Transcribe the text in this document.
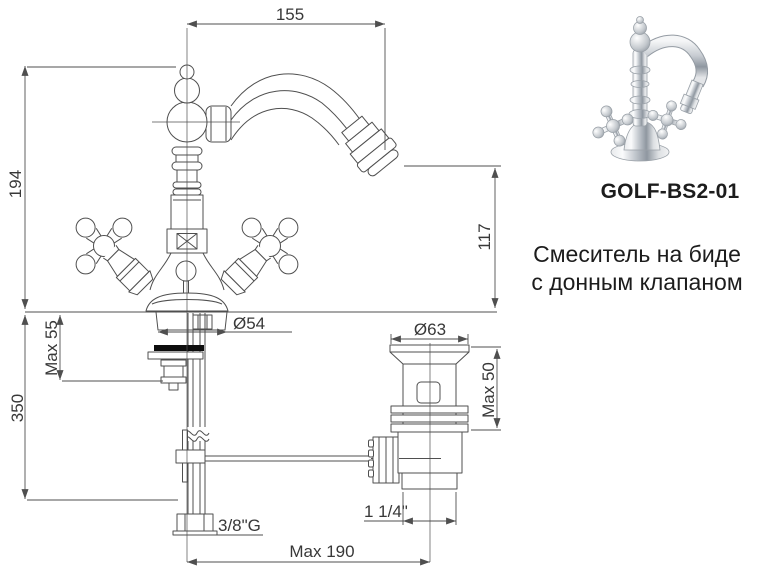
155
194
117
350
Max 55	Ø54	Ø63
Max 50
1 1/4"
3/8"G
Max 190
GOLF-BS2-01
Смеситель на биде
с донным клапаном
